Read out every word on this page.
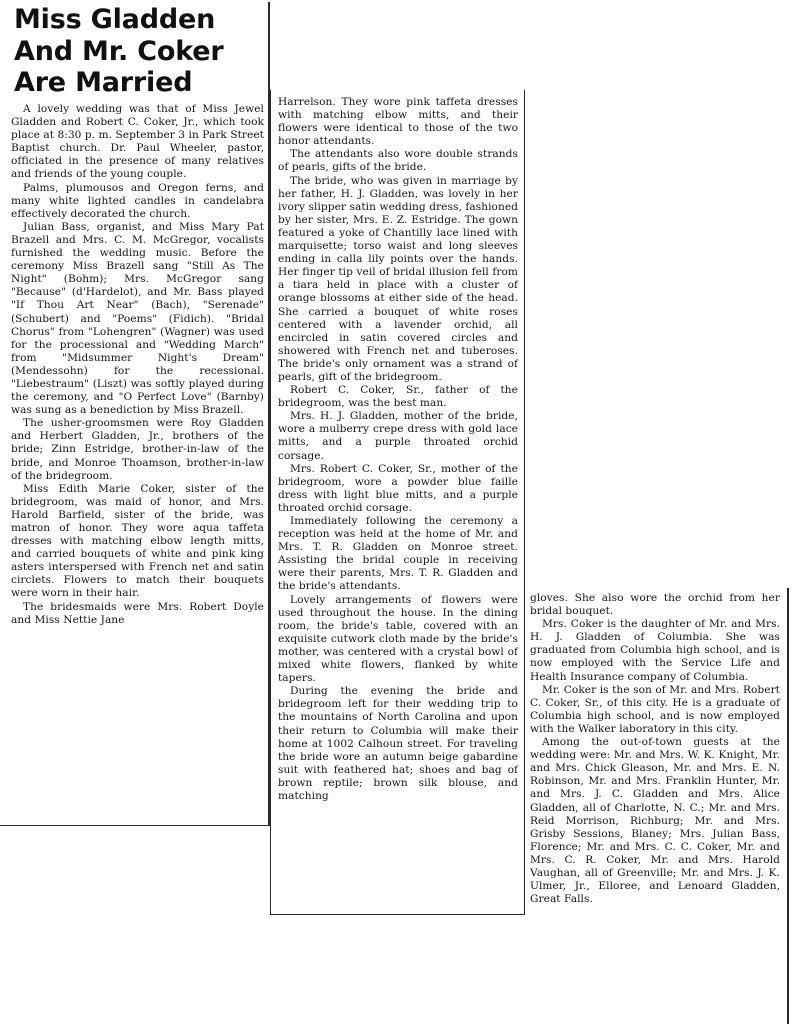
Miss Gladden
And Mr. Coker
Are Married

A lovely wedding was that of Miss Jewel Gladden and Robert C. Coker, Jr., which took place at 8:30 p. m. September 3 in Park Street Baptist church. Dr. Paul Wheeler, pastor, officiated in the presence of many relatives and friends of the young couple.

Palms, plumousos and Oregon ferns, and many white lighted candles in candelabra effectively decorated the church.

Julian Bass, organist, and Miss Mary Pat Brazell and Mrs. C. M. McGregor, vocalists furnished the wedding music. Before the ceremony Miss Brazell sang "Still As The Night" (Bohm); Mrs. McGregor sang "Because" (d'Hardelot), and Mr. Bass played "If Thou Art Near" (Bach), "Serenade" (Schubert) and "Poems" (Fidich). "Bridal Chorus" from "Lohengren" (Wagner) was used for the processional and "Wedding March" from "Midsummer Night's Dream" (Mendessohn) for the recessional. "Liebestraum" (Liszt) was softly played during the ceremony, and "O Perfect Love" (Barnby) was sung as a benediction by Miss Brazell.

The usher-groomsmen were Roy Gladden and Herbert Gladden, Jr., brothers of the bride; Zinn Estridge, brother-in-law of the bride, and Monroe Thoamson, brother-in-law of the bridegroom.

Miss Edith Marie Coker, sister of the bridegroom, was maid of honor, and Mrs. Harold Barfield, sister of the bride, was matron of honor. They wore aqua taffeta dresses with matching elbow length mitts, and carried bouquets of white and pink king asters interspersed with French net and satin circlets. Flowers to match their bouquets were worn in their hair.

The bridesmaids were Mrs. Robert Doyle and Miss Nettie Jane

Harrelson. They wore pink taffeta dresses with matching elbow mitts, and their flowers were identical to those of the two honor attendants.

The attendants also wore double strands of pearls, gifts of the bride.

The bride, who was given in marriage by her father, H. J. Gladden, was lovely in her ivory slipper satin wedding dress, fashioned by her sister, Mrs. E. Z. Estridge. The gown featured a yoke of Chantilly lace lined with marquisette; torso waist and long sleeves ending in calla lily points over the hands. Her finger tip veil of bridal illusion fell from a tiara held in place with a cluster of orange blossoms at either side of the head. She carried a bouquet of white roses centered with a lavender orchid, all encircled in satin covered circles and showered with French net and tuberoses. The bride's only ornament was a strand of pearls, gift of the bridegroom.

Robert C. Coker, Sr., father of the bridegroom, was the best man.

Mrs. H. J. Gladden, mother of the bride, wore a mulberry crepe dress with gold lace mitts, and a purple throated orchid corsage.

Mrs. Robert C. Coker, Sr., mother of the bridegroom, wore a powder blue faille dress with light blue mitts, and a purple throated orchid corsage.

Immediately following the ceremony a reception was held at the home of Mr. and Mrs. T. R. Gladden on Monroe street. Assisting the bridal couple in receiving were their parents, Mrs. T. R. Gladden and the bride's attendants.

Lovely arrangements of flowers were used throughout the house. In the dining room, the bride's table, covered with an exquisite cutwork cloth made by the bride's mother, was centered with a crystal bowl of mixed white flowers, flanked by white tapers.

During the evening the bride and bridegroom left for their wedding trip to the mountains of North Carolina and upon their return to Columbia will make their home at 1002 Calhoun street. For traveling the bride wore an autumn beige gabardine suit with feathered hat; shoes and bag of brown reptile; brown silk blouse, and matching

gloves. She also wore the orchid from her bridal bouquet.

Mrs. Coker is the daughter of Mr. and Mrs. H. J. Gladden of Columbia. She was graduated from Columbia high school, and is now employed with the Service Life and Health Insurance company of Columbia.

Mr. Coker is the son of Mr. and Mrs. Robert C. Coker, Sr., of this city. He is a graduate of Columbia high school, and is now employed with the Walker laboratory in this city.

Among the out-of-town guests at the wedding were: Mr. and Mrs. W. K. Knight, Mr. and Mrs. Chick Gleason, Mr. and Mrs. E. N. Robinson, Mr. and Mrs. Franklin Hunter, Mr. and Mrs. J. C. Gladden and Mrs. Alice Gladden, all of Charlotte, N. C.; Mr. and Mrs. Reid Morrison, Richburg; Mr. and Mrs. Grisby Sessions, Blaney; Mrs. Julian Bass, Florence; Mr. and Mrs. C. C. Coker, Mr. and Mrs. C. R. Coker, Mr. and Mrs. Harold Vaughan, all of Greenville; Mr. and Mrs. J. K. Ulmer, Jr., Elloree, and Lenoard Gladden, Great Falls.
